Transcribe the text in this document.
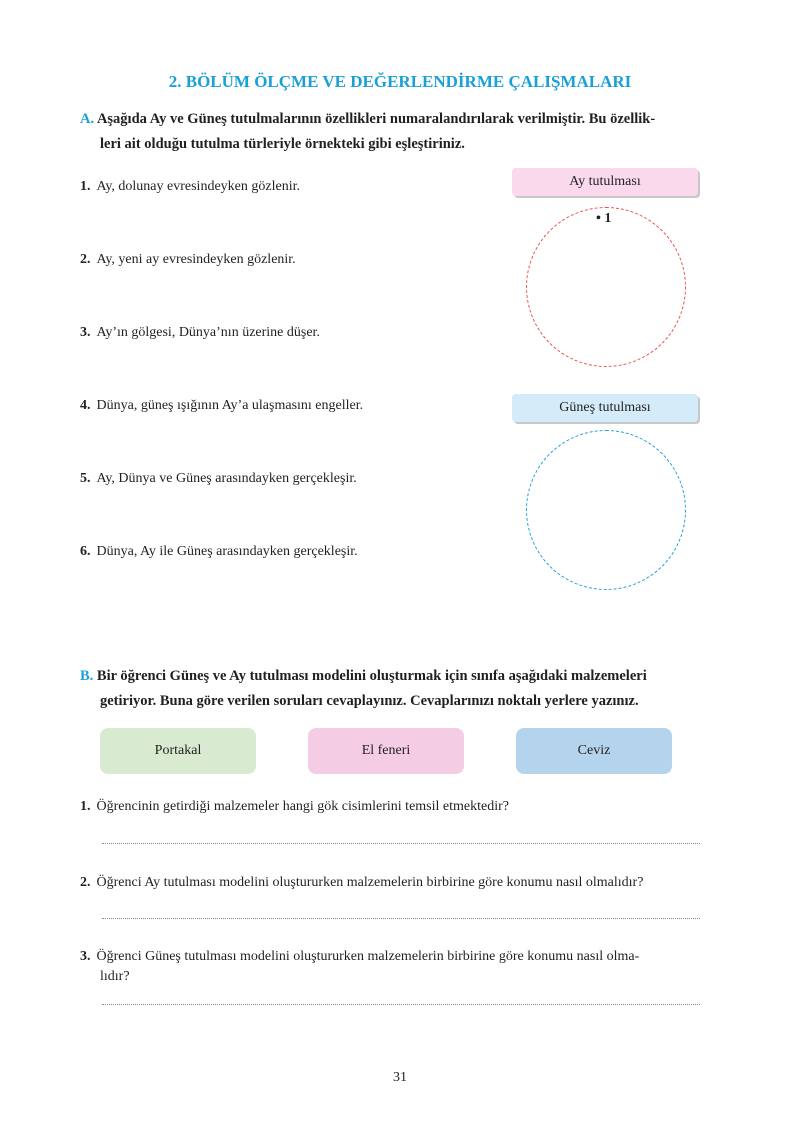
2. BÖLÜM ÖLÇME VE DEĞERLENDİRME ÇALIŞMALARI
A. Aşağıda Ay ve Güneş tutulmalarının özellikleri numaralandırılarak verilmiştir. Bu özellik-
leri ait olduğu tutulma türleriyle örnekteki gibi eşleştiriniz.
1. Ay, dolunay evresindeyken gözlenir.
2. Ay, yeni ay evresindeyken gözlenir.
3. Ay’ın gölgesi, Dünya’nın üzerine düşer.
4. Dünya, güneş ışığının Ay’a ulaşmasını engeller.
5. Ay, Dünya ve Güneş arasındayken gerçekleşir.
6. Dünya, Ay ile Güneş arasındayken gerçekleşir.
Ay tutulması
• 1
Güneş tutulması
B. Bir öğrenci Güneş ve Ay tutulması modelini oluşturmak için sınıfa aşağıdaki malzemeleri
getiriyor. Buna göre verilen soruları cevaplayınız. Cevaplarınızı noktalı yerlere yazınız.
Portakal	El feneri	Ceviz
1. Öğrencinin getirdiği malzemeler hangi gök cisimlerini temsil etmektedir?
2. Öğrenci Ay tutulması modelini oluştururken malzemelerin birbirine göre konumu nasıl olmalıdır?
3. Öğrenci Güneş tutulması modelini oluştururken malzemelerin birbirine göre konumu nasıl olma-
lıdır?
31
